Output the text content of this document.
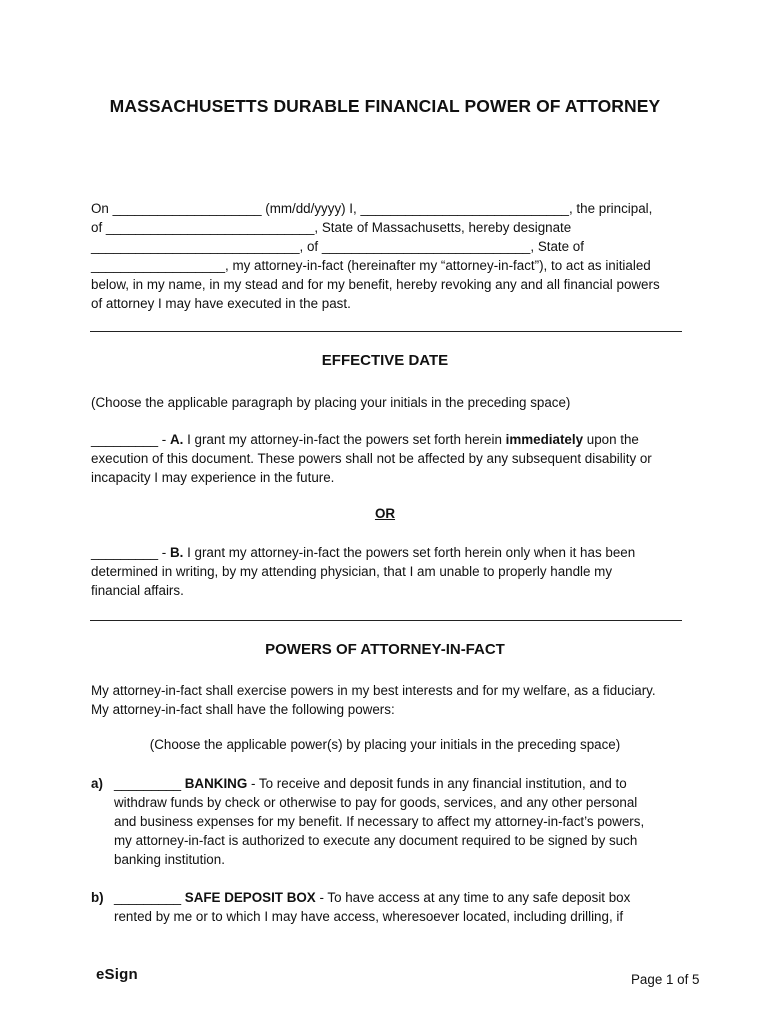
MASSACHUSETTS DURABLE FINANCIAL POWER OF ATTORNEY
On ____________________ (mm/dd/yyyy) I, ____________________________, the principal,
of ____________________________, State of Massachusetts, hereby designate
____________________________, of ____________________________, State of
__________________, my attorney-in-fact (hereinafter my “attorney-in-fact”), to act as initialed
below, in my name, in my stead and for my benefit, hereby revoking any and all financial powers
of attorney I may have executed in the past.
EFFECTIVE DATE
(Choose the applicable paragraph by placing your initials in the preceding space)
_________ - A. I grant my attorney-in-fact the powers set forth herein immediately upon the
execution of this document. These powers shall not be affected by any subsequent disability or
incapacity I may experience in the future.
OR
_________ - B. I grant my attorney-in-fact the powers set forth herein only when it has been
determined in writing, by my attending physician, that I am unable to properly handle my
financial affairs.
POWERS OF ATTORNEY-IN-FACT
My attorney-in-fact shall exercise powers in my best interests and for my welfare, as a fiduciary.
My attorney-in-fact shall have the following powers:
(Choose the applicable power(s) by placing your initials in the preceding space)
a) _________ BANKING - To receive and deposit funds in any financial institution, and to
withdraw funds by check or otherwise to pay for goods, services, and any other personal
and business expenses for my benefit. If necessary to affect my attorney-in-fact’s powers,
my attorney-in-fact is authorized to execute any document required to be signed by such
banking institution.
b) _________ SAFE DEPOSIT BOX - To have access at any time to any safe deposit box
rented by me or to which I may have access, wheresoever located, including drilling, if
eSign	Page 1 of 5
